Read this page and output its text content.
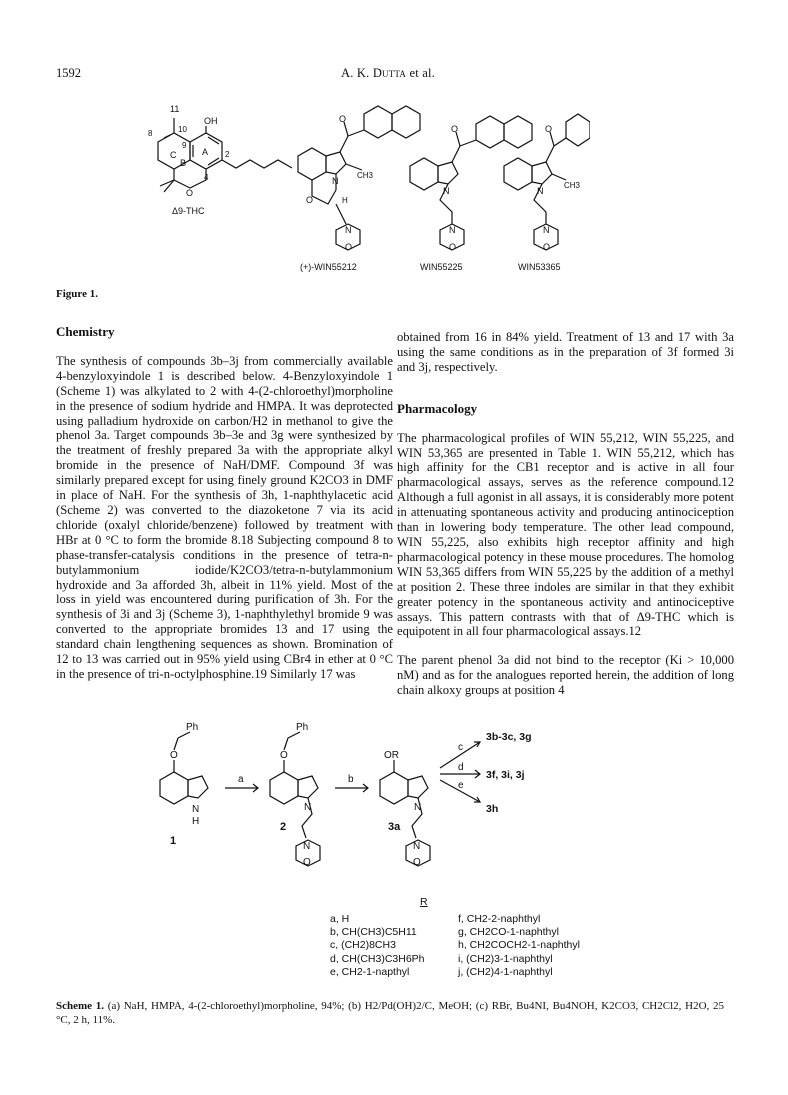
1592	A. K. Dutta et al.
11
10
8
9
2
4
C
B
A
OH
O
Δ9-THC
O
N
CH3
O	H
N
O
(+)-WIN55212
O
N
N
O
WIN55225
O
N
CH3
N
O
WIN53365
Figure 1.
Chemistry

The synthesis of compounds 3b–3j from commercially available 4-benzyloxyindole 1 is described below. 4-Benzyloxyindole 1 (Scheme 1) was alkylated to 2 with 4-(2-chloroethyl)morpholine in the presence of sodium hydride and HMPA. It was deprotected using palladium hydroxide on carbon/H2 in methanol to give the phenol 3a. Target compounds 3b–3e and 3g were synthesized by the treatment of freshly prepared 3a with the appropriate alkyl bromide in the presence of NaH/DMF. Compound 3f was similarly prepared except for using finely ground K2CO3 in DMF in place of NaH. For the synthesis of 3h, 1-naphthylacetic acid (Scheme 2) was converted to the diazoketone 7 via its acid chloride (oxalyl chloride/benzene) followed by treatment with HBr at 0 °C to form the bromide 8.18 Subjecting compound 8 to phase-transfer-catalysis conditions in the presence of tetra-n-butylammonium iodide/K2CO3/tetra-n-butylammonium hydroxide and 3a afforded 3h, albeit in 11% yield. Most of the loss in yield was encountered during purification of 3h. For the synthesis of 3i and 3j (Scheme 3), 1-naphthylethyl bromide 9 was converted to the appropriate bromides 13 and 17 using the standard chain lengthening sequences as shown. Bromination of 12 to 13 was carried out in 95% yield using CBr4 in ether at 0 °C in the presence of tri-n-octylphosphine.19 Similarly 17 was

obtained from 16 in 84% yield. Treatment of 13 and 17 with 3a using the same conditions as in the preparation of 3f formed 3i and 3j, respectively.

Pharmacology

The pharmacological profiles of WIN 55,212, WIN 55,225, and WIN 53,365 are presented in Table 1. WIN 55,212, which has high affinity for the CB1 receptor and is active in all four pharmacological assays, serves as the reference compound.12 Although a full agonist in all assays, it is considerably more potent in attenuating spontaneous activity and producing antinociception than in lowering body temperature. The other lead compound, WIN 55,225, also exhibits high receptor affinity and high pharmacological potency in these mouse procedures. The homolog WIN 53,365 differs from WIN 55,225 by the addition of a methyl at position 2. These three indoles are similar in that they exhibit greater potency in the spontaneous activity and antinociceptive assays. This pattern contrasts with that of Δ9-THC which is equipotent in all four pharmacological assays.12

The parent phenol 3a did not bind to the receptor (Ki > 10,000 nM) and as for the analogues reported herein, the addition of long chain alkoxy groups at position 4

Ph
O
N
H
1
a
Ph
O
N
N
O
2
b
OR
N
N
O
3a
c
d
e
3b-3c, 3g
3f, 3i, 3j
3h
R
a, H
b, CH(CH3)C5H11
c, (CH2)8CH3
d, CH(CH3)C3H6Ph
e, CH2-1-napthyl
f, CH2-2-naphthyl
g, CH2CO-1-naphthyl
h, CH2COCH2-1-naphthyl
i, (CH2)3-1-naphthyl
j, (CH2)4-1-naphthyl
Scheme 1. (a) NaH, HMPA, 4-(2-chloroethyl)morpholine, 94%; (b) H2/Pd(OH)2/C, MeOH; (c) RBr, Bu4NI, Bu4NOH, K2CO3, CH2Cl2, H2O, 25 °C, 2 h, 11%.
